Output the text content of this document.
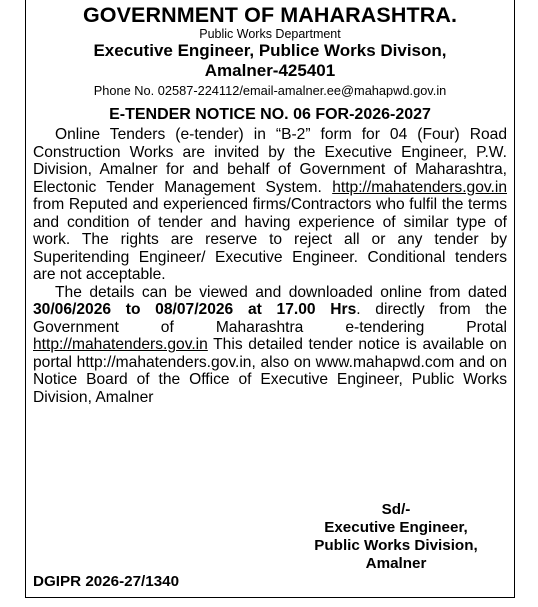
GOVERNMENT OF MAHARASHTRA.
Public Works Department
Executive Engineer, Publice Works Divison,
Amalner-425401
Phone No. 02587-224112/email-amalner.ee@mahapwd.gov.in
E-TENDER NOTICE NO. 06 FOR-2026-2027

Online Tenders (e-tender) in “B-2” form for 04 (Four) Road Construction Works are invited by the Executive Engineer, P.W. Division, Amalner for and behalf of Government of Maharashtra, Electonic Tender Management System. http://mahatenders.gov.in from Reputed and experienced firms/Contractors who fulfil the terms and condition of tender and having experience of similar type of work. The rights are reserve to reject all or any tender by Superitending Engineer/ Executive Engineer. Conditional tenders are not acceptable.

The details can be viewed and downloaded online from dated 30/06/2026 to 08/07/2026 at 17.00 Hrs. directly from the Government of Maharashtra e-tendering Protal http://mahatenders.gov.in This detailed tender notice is available on portal http://mahatenders.gov.in, also on www.mahapwd.com and on Notice Board of the Office of Executive Engineer, Public Works Division, Amalner

Sd/-
Executive Engineer,
Public Works Division,
Amalner
DGIPR 2026-27/1340
